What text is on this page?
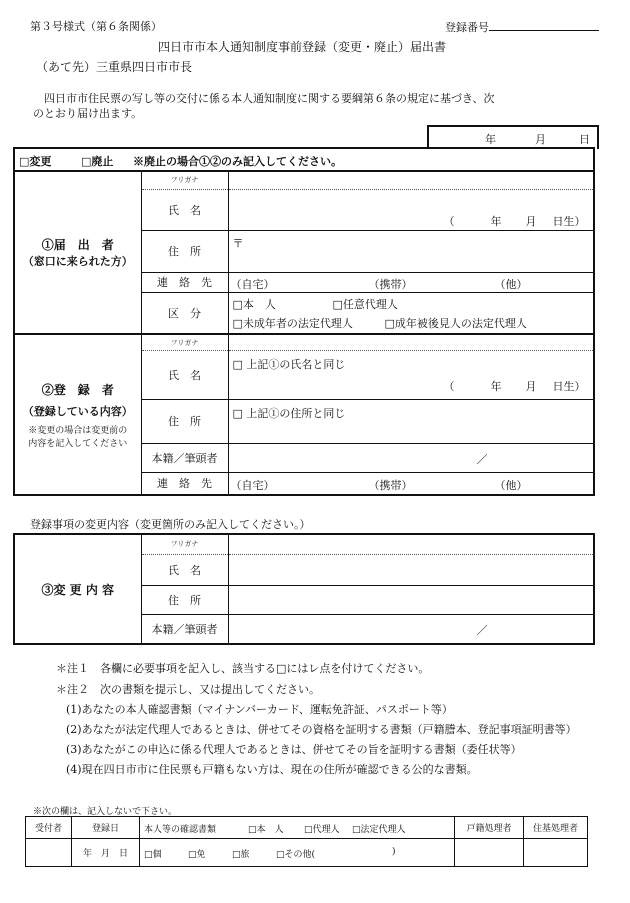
第３号様式（第６条関係）	登録番号
四日市市本人通知制度事前登録（変更・廃止）届出書
（あて先）三重県四日市市長
四日市市住民票の写し等の交付に係る本人通知制度に関する要綱第６条の規定に基づき、次
のとおり届け出ます。
年	月	日
□変更	□廃止 ※廃止の場合①②のみ記入してください。
①届　出　者
（窓口に来られた方）	フリガナ	
	氏　名	（ 年 月 日生）

	住　所	〒
	連　絡　先	（自宅） （携帯） （他）

	区　分	□本　人 □任意代理人
□未成年者の法定代理人 □成年被後見人の法定代理人
②登　録　者
（登録している内容）
※変更の場合は変更前の
内容を記入してください	フリガナ	
	氏　名	□ 上記①の氏名と同じ
（ 年 月 日生）

	住　所	□ 上記①の住所と同じ

	本籍／筆頭者	／

	連　絡　先	（自宅） （携帯） （他）
登録事項の変更内容（変更箇所のみ記入してください。）
③変 更 内 容	フリガナ	
	氏　名	
	住　所	
	本籍／筆頭者	／
＊注１　各欄に必要事項を記入し、該当する□にはレ点を付けてください。
＊注２　次の書類を提示し、又は提出してください。
(1)あなたの本人確認書類（マイナンバーカード、運転免許証、パスポート等）
(2)あなたが法定代理人であるときは、併せてその資格を証明する書類（戸籍謄本、登記事項証明書等）
(3)あなたがこの申込に係る代理人であるときは、併せてその旨を証明する書類（委任状等）
(4)現在四日市市に住民票も戸籍もない方は、現在の住所が確認できる公的な書類。
※次の欄は、記入しないで下さい。
受付者	登録日	本人等の確認書類 □本　人 □代理人 □法定代理人	戸籍処理者	住基処理者
	年　月　日	□個 □免 □旅 □その他( )		
